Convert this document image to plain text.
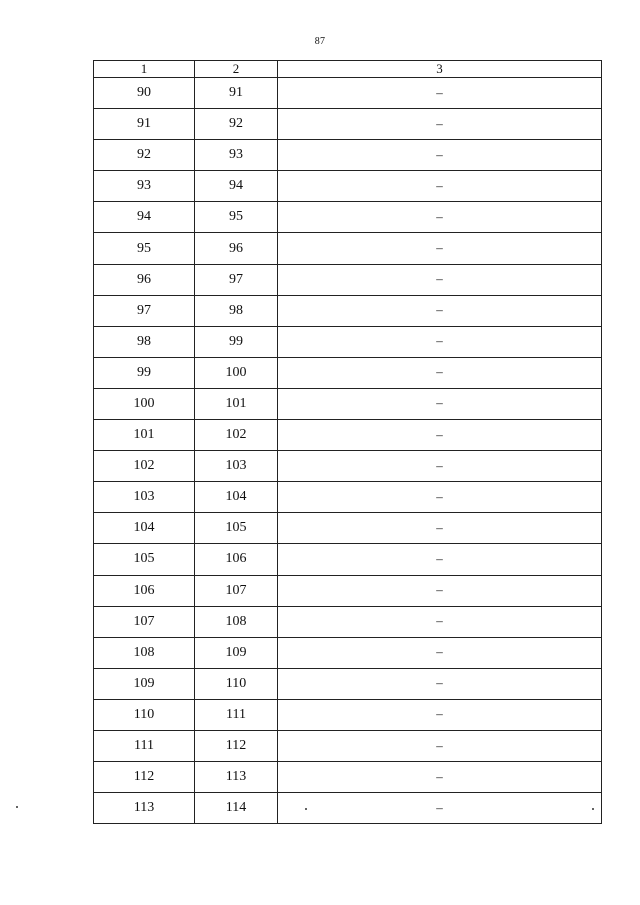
87
1	2	3
90	91	–
91	92	–
92	93	–
93	94	–
94	95	–
95	96	–
96	97	–
97	98	–
98	99	–
99	100	–
100	101	–
101	102	–
102	103	–
103	104	–
104	105	–
105	106	–
106	107	–
107	108	–
108	109	–
109	110	–
110	111	–
111	112	–
112	113	–
113	114	–
